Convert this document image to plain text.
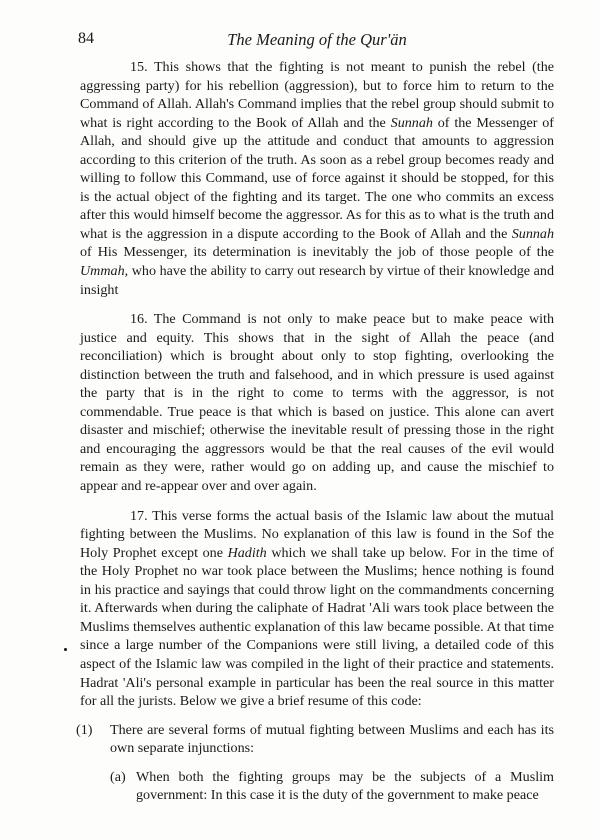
84	The Meaning of the Qur'än

15. This shows that the fighting is not meant to punish the rebel (the aggressing party) for his rebellion (aggression), but to force him to return to the Command of Allah. Allah's Command implies that the rebel group should submit to what is right according to the Book of Allah and the Sunnah of the Messenger of Allah, and should give up the attitude and conduct that amounts to aggression according to this criterion of the truth. As soon as a rebel group becomes ready and willing to follow this Command, use of force against it should be stopped, for this is the actual object of the fighting and its target. The one who commits an excess after this would himself become the aggressor. As for this as to what is the truth and what is the aggression in a dispute according to the Book of Allah and the Sunnah of His Messenger, its determination is inevitably the job of those people of the Ummah, who have the ability to carry out research by virtue of their knowledge and insight

16. The Command is not only to make peace but to make peace with justice and equity. This shows that in the sight of Allah the peace (and reconciliation) which is brought about only to stop fighting, overlooking the distinction between the truth and falsehood, and in which pressure is used against the party that is in the right to come to terms with the aggressor, is not commendable. True peace is that which is based on justice. This alone can avert disaster and mischief; otherwise the inevitable result of pressing those in the right and encouraging the aggressors would be that the real causes of the evil would remain as they were, rather would go on adding up, and cause the mischief to appear and re-appear over and over again.

17. This verse forms the actual basis of the Islamic law about the mutual fighting between the Muslims. No explanation of this law is found in the Sof the Holy Prophet except one Hadith which we shall take up below. For in the time of the Holy Prophet no war took place between the Muslims; hence nothing is found in his practice and sayings that could throw light on the commandments concerning it. Afterwards when during the caliphate of Hadrat 'Ali wars took place between the Muslims themselves authentic explanation of this law became possible. At that time since a large number of the Companions were still living, a detailed code of this aspect of the Islamic law was compiled in the light of their practice and statements. Hadrat 'Ali's personal example in particular has been the real source in this matter for all the jurists. Below we give a brief resume of this code:

(1) There are several forms of mutual fighting between Muslims and each has its own separate injunctions:
(a) When both the fighting groups may be the subjects of a Muslim government: In this case it is the duty of the government to make peace
